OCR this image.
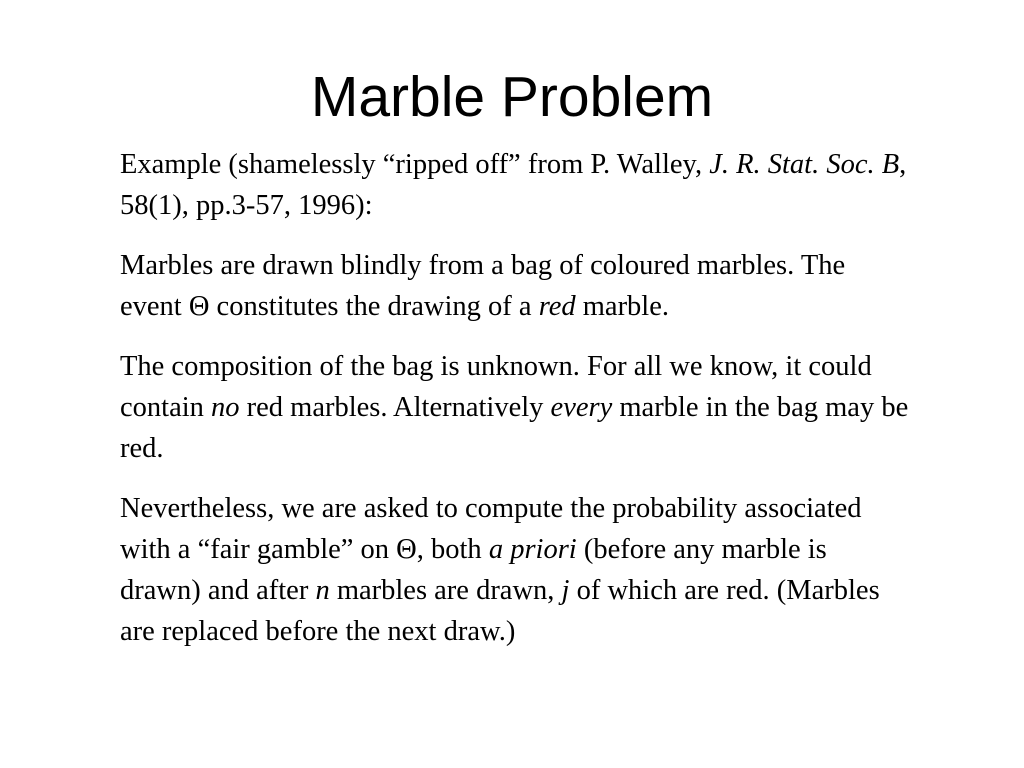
Marble Problem

Example (shamelessly “ripped off” from P. Walley, J. R. Stat. Soc. B, 58(1), pp.3-57, 1996):

Marbles are drawn blindly from a bag of coloured marbles. The event Θ constitutes the drawing of a red marble.

The composition of the bag is unknown. For all we know, it could contain no red marbles. Alternatively every marble in the bag may be red.

Nevertheless, we are asked to compute the probability associated with a “fair gamble” on Θ, both a priori (before any marble is drawn) and after n marbles are drawn, j of which are red. (Marbles are replaced before the next draw.)
